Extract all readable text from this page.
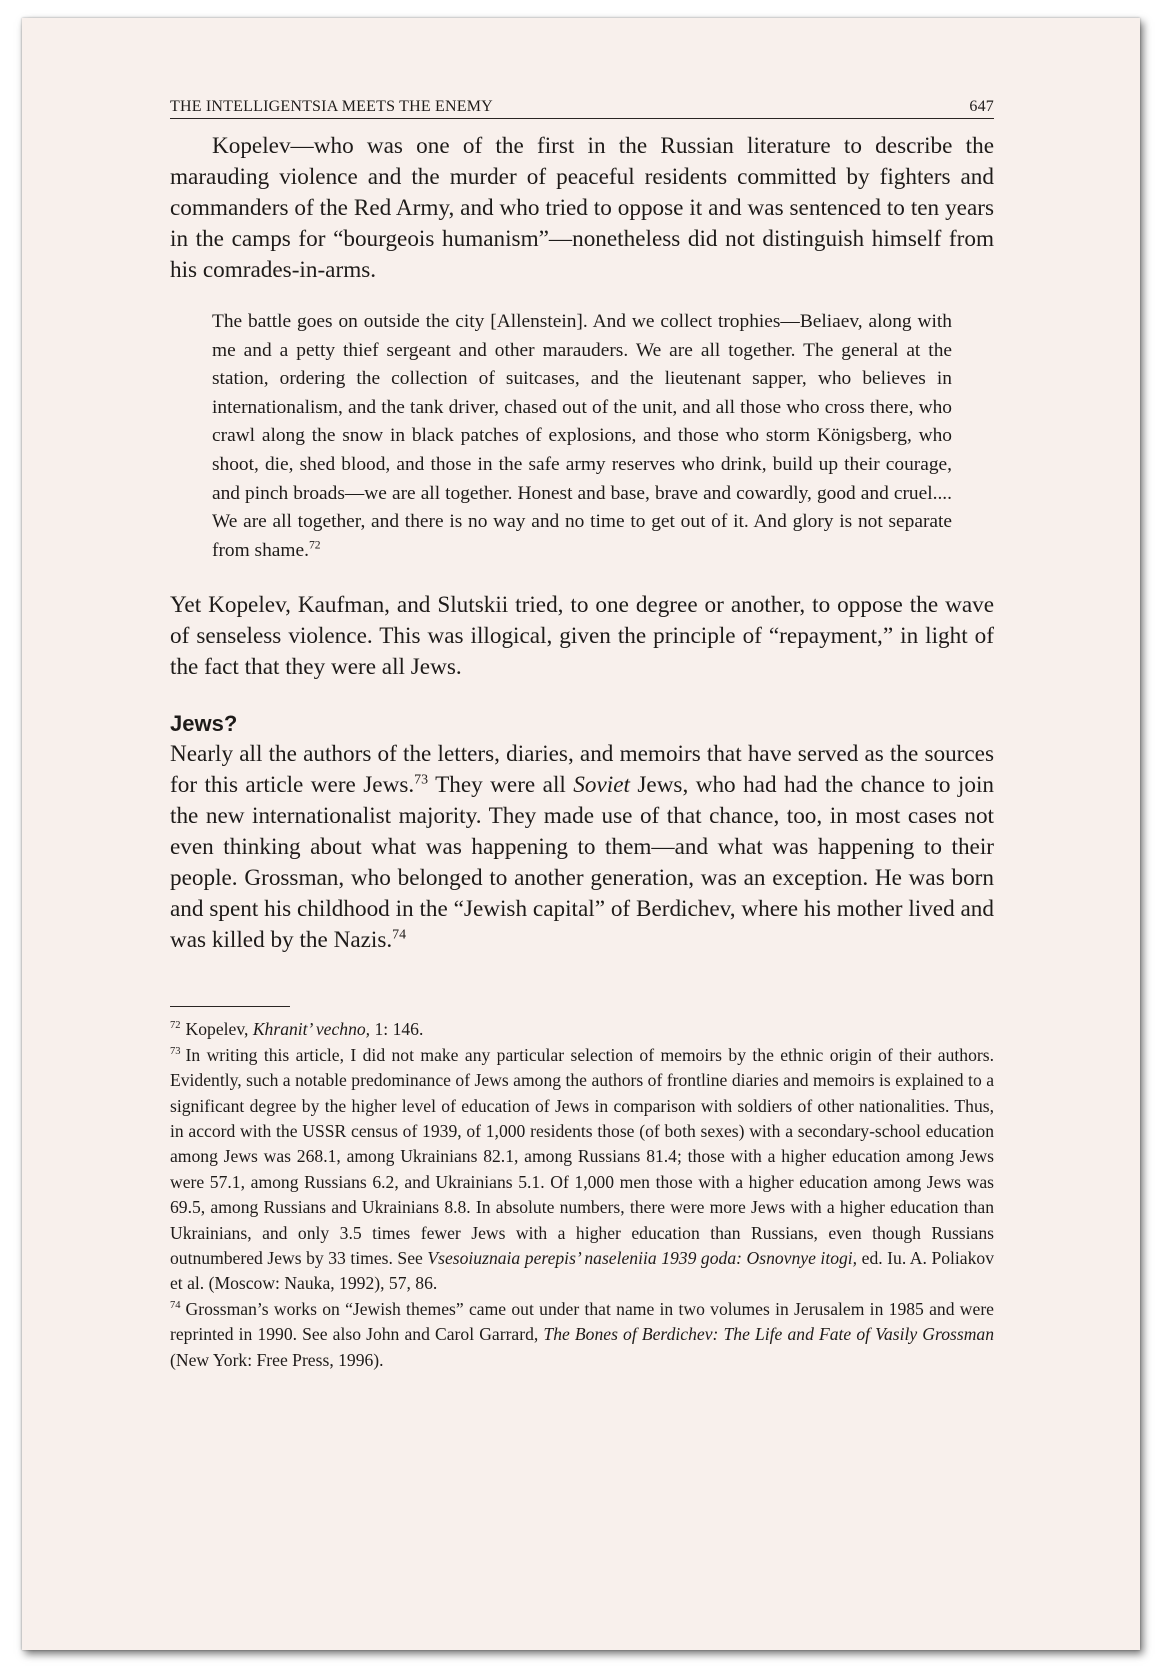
THE INTELLIGENTSIA MEETS THE ENEMY	647

Kopelev—who was one of the first in the Russian literature to describe the marauding violence and the murder of peaceful residents committed by fighters and commanders of the Red Army, and who tried to oppose it and was sentenced to ten years in the camps for “bourgeois humanism”—nonetheless did not distinguish himself from his comrades-in-arms.

The battle goes on outside the city [Allenstein]. And we collect trophies—Beliaev, along with me and a petty thief sergeant and other marauders. We are all together. The general at the station, ordering the collection of suitcases, and the lieutenant sapper, who believes in internationalism, and the tank driver, chased out of the unit, and all those who cross there, who crawl along the snow in black patches of explosions, and those who storm Königsberg, who shoot, die, shed blood, and those in the safe army reserves who drink, build up their courage, and pinch broads—we are all together. Honest and base, brave and cowardly, good and cruel.... We are all together, and there is no way and no time to get out of it. And glory is not separate from shame.$^{72}$

Yet Kopelev, Kaufman, and Slutskii tried, to one degree or another, to oppose the wave of senseless violence. This was illogical, given the principle of “repayment,” in light of the fact that they were all Jews.

Jews?

Nearly all the authors of the letters, diaries, and memoirs that have served as the sources for this article were Jews.$^{73}$ They were all Soviet Jews, who had had the chance to join the new internationalist majority. They made use of that chance, too, in most cases not even thinking about what was happening to them—and what was happening to their people. Grossman, who belonged to another generation, was an exception. He was born and spent his childhood in the “Jewish capital” of Berdichev, where his mother lived and was killed by the Nazis.$^{74}$

$^{72}$ Kopelev, Khranit’ vechno, 1: 146.

$^{73}$ In writing this article, I did not make any particular selection of memoirs by the ethnic origin of their authors. Evidently, such a notable predominance of Jews among the authors of frontline diaries and memoirs is explained to a significant degree by the higher level of education of Jews in comparison with soldiers of other nationalities. Thus, in accord with the USSR census of 1939, of 1,000 residents those (of both sexes) with a secondary-school education among Jews was 268.1, among Ukrainians 82.1, among Russians 81.4; those with a higher education among Jews were 57.1, among Russians 6.2, and Ukrainians 5.1. Of 1,000 men those with a higher education among Jews was 69.5, among Russians and Ukrainians 8.8. In absolute numbers, there were more Jews with a higher education than Ukrainians, and only 3.5 times fewer Jews with a higher education than Russians, even though Russians outnumbered Jews by 33 times. See Vsesoiuznaia perepis’ naseleniia 1939 goda: Osnovnye itogi, ed. Iu. A. Poliakov et al. (Moscow: Nauka, 1992), 57, 86.

$^{74}$ Grossman’s works on “Jewish themes” came out under that name in two volumes in Jerusalem in 1985 and were reprinted in 1990. See also John and Carol Garrard, The Bones of Berdichev: The Life and Fate of Vasily Grossman (New York: Free Press, 1996).
